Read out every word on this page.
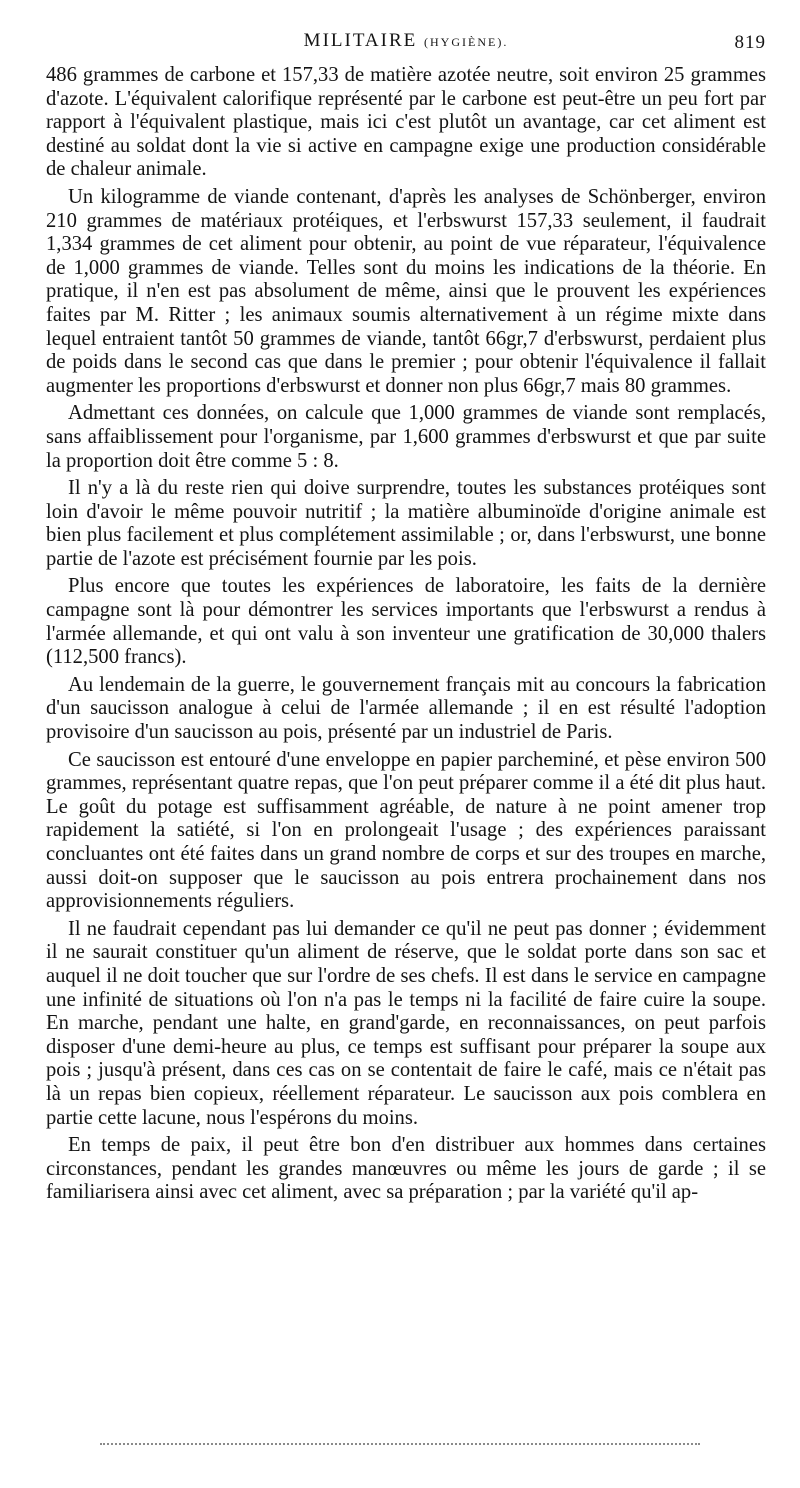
MILITAIRE (HYGIÈNE).	819

486 grammes de carbone et 157,33 de matière azotée neutre, soit environ 25 grammes d'azote. L'équivalent calorifique représenté par le carbone est peut-être un peu fort par rapport à l'équivalent plastique, mais ici c'est plutôt un avantage, car cet aliment est destiné au soldat dont la vie si active en campagne exige une production considérable de chaleur animale.

Un kilogramme de viande contenant, d'après les analyses de Schönberger, environ 210 grammes de matériaux protéiques, et l'erbswurst 157,33 seulement, il faudrait 1,334 grammes de cet aliment pour obtenir, au point de vue réparateur, l'équivalence de 1,000 grammes de viande. Telles sont du moins les indications de la théorie. En pratique, il n'en est pas absolument de même, ainsi que le prouvent les expériences faites par M. Ritter ; les animaux soumis alternativement à un régime mixte dans lequel entraient tantôt 50 grammes de viande, tantôt 66gr,7 d'erbswurst, perdaient plus de poids dans le second cas que dans le premier ; pour obtenir l'équivalence il fallait augmenter les proportions d'erbswurst et donner non plus 66gr,7 mais 80 grammes.

Admettant ces données, on calcule que 1,000 grammes de viande sont remplacés, sans affaiblissement pour l'organisme, par 1,600 grammes d'erbswurst et que par suite la proportion doit être comme 5 : 8.

Il n'y a là du reste rien qui doive surprendre, toutes les substances protéiques sont loin d'avoir le même pouvoir nutritif ; la matière albuminoïde d'origine animale est bien plus facilement et plus complétement assimilable ; or, dans l'erbswurst, une bonne partie de l'azote est précisément fournie par les pois.

Plus encore que toutes les expériences de laboratoire, les faits de la dernière campagne sont là pour démontrer les services importants que l'erbswurst a rendus à l'armée allemande, et qui ont valu à son inventeur une gratification de 30,000 thalers (112,500 francs).

Au lendemain de la guerre, le gouvernement français mit au concours la fabrication d'un saucisson analogue à celui de l'armée allemande ; il en est résulté l'adoption provisoire d'un saucisson au pois, présenté par un industriel de Paris.

Ce saucisson est entouré d'une enveloppe en papier parcheminé, et pèse environ 500 grammes, représentant quatre repas, que l'on peut préparer comme il a été dit plus haut. Le goût du potage est suffisamment agréable, de nature à ne point amener trop rapidement la satiété, si l'on en prolongeait l'usage ; des expériences paraissant concluantes ont été faites dans un grand nombre de corps et sur des troupes en marche, aussi doit-on supposer que le saucisson au pois entrera prochainement dans nos approvisionnements réguliers.

Il ne faudrait cependant pas lui demander ce qu'il ne peut pas donner ; évidemment il ne saurait constituer qu'un aliment de réserve, que le soldat porte dans son sac et auquel il ne doit toucher que sur l'ordre de ses chefs. Il est dans le service en campagne une infinité de situations où l'on n'a pas le temps ni la facilité de faire cuire la soupe. En marche, pendant une halte, en grand'garde, en reconnaissances, on peut parfois disposer d'une demi-heure au plus, ce temps est suffisant pour préparer la soupe aux pois ; jusqu'à présent, dans ces cas on se contentait de faire le café, mais ce n'était pas là un repas bien copieux, réellement réparateur. Le saucisson aux pois comblera en partie cette lacune, nous l'espérons du moins.

En temps de paix, il peut être bon d'en distribuer aux hommes dans certaines circonstances, pendant les grandes manœuvres ou même les jours de garde ; il se familiarisera ainsi avec cet aliment, avec sa préparation ; par la variété qu'il ap-
